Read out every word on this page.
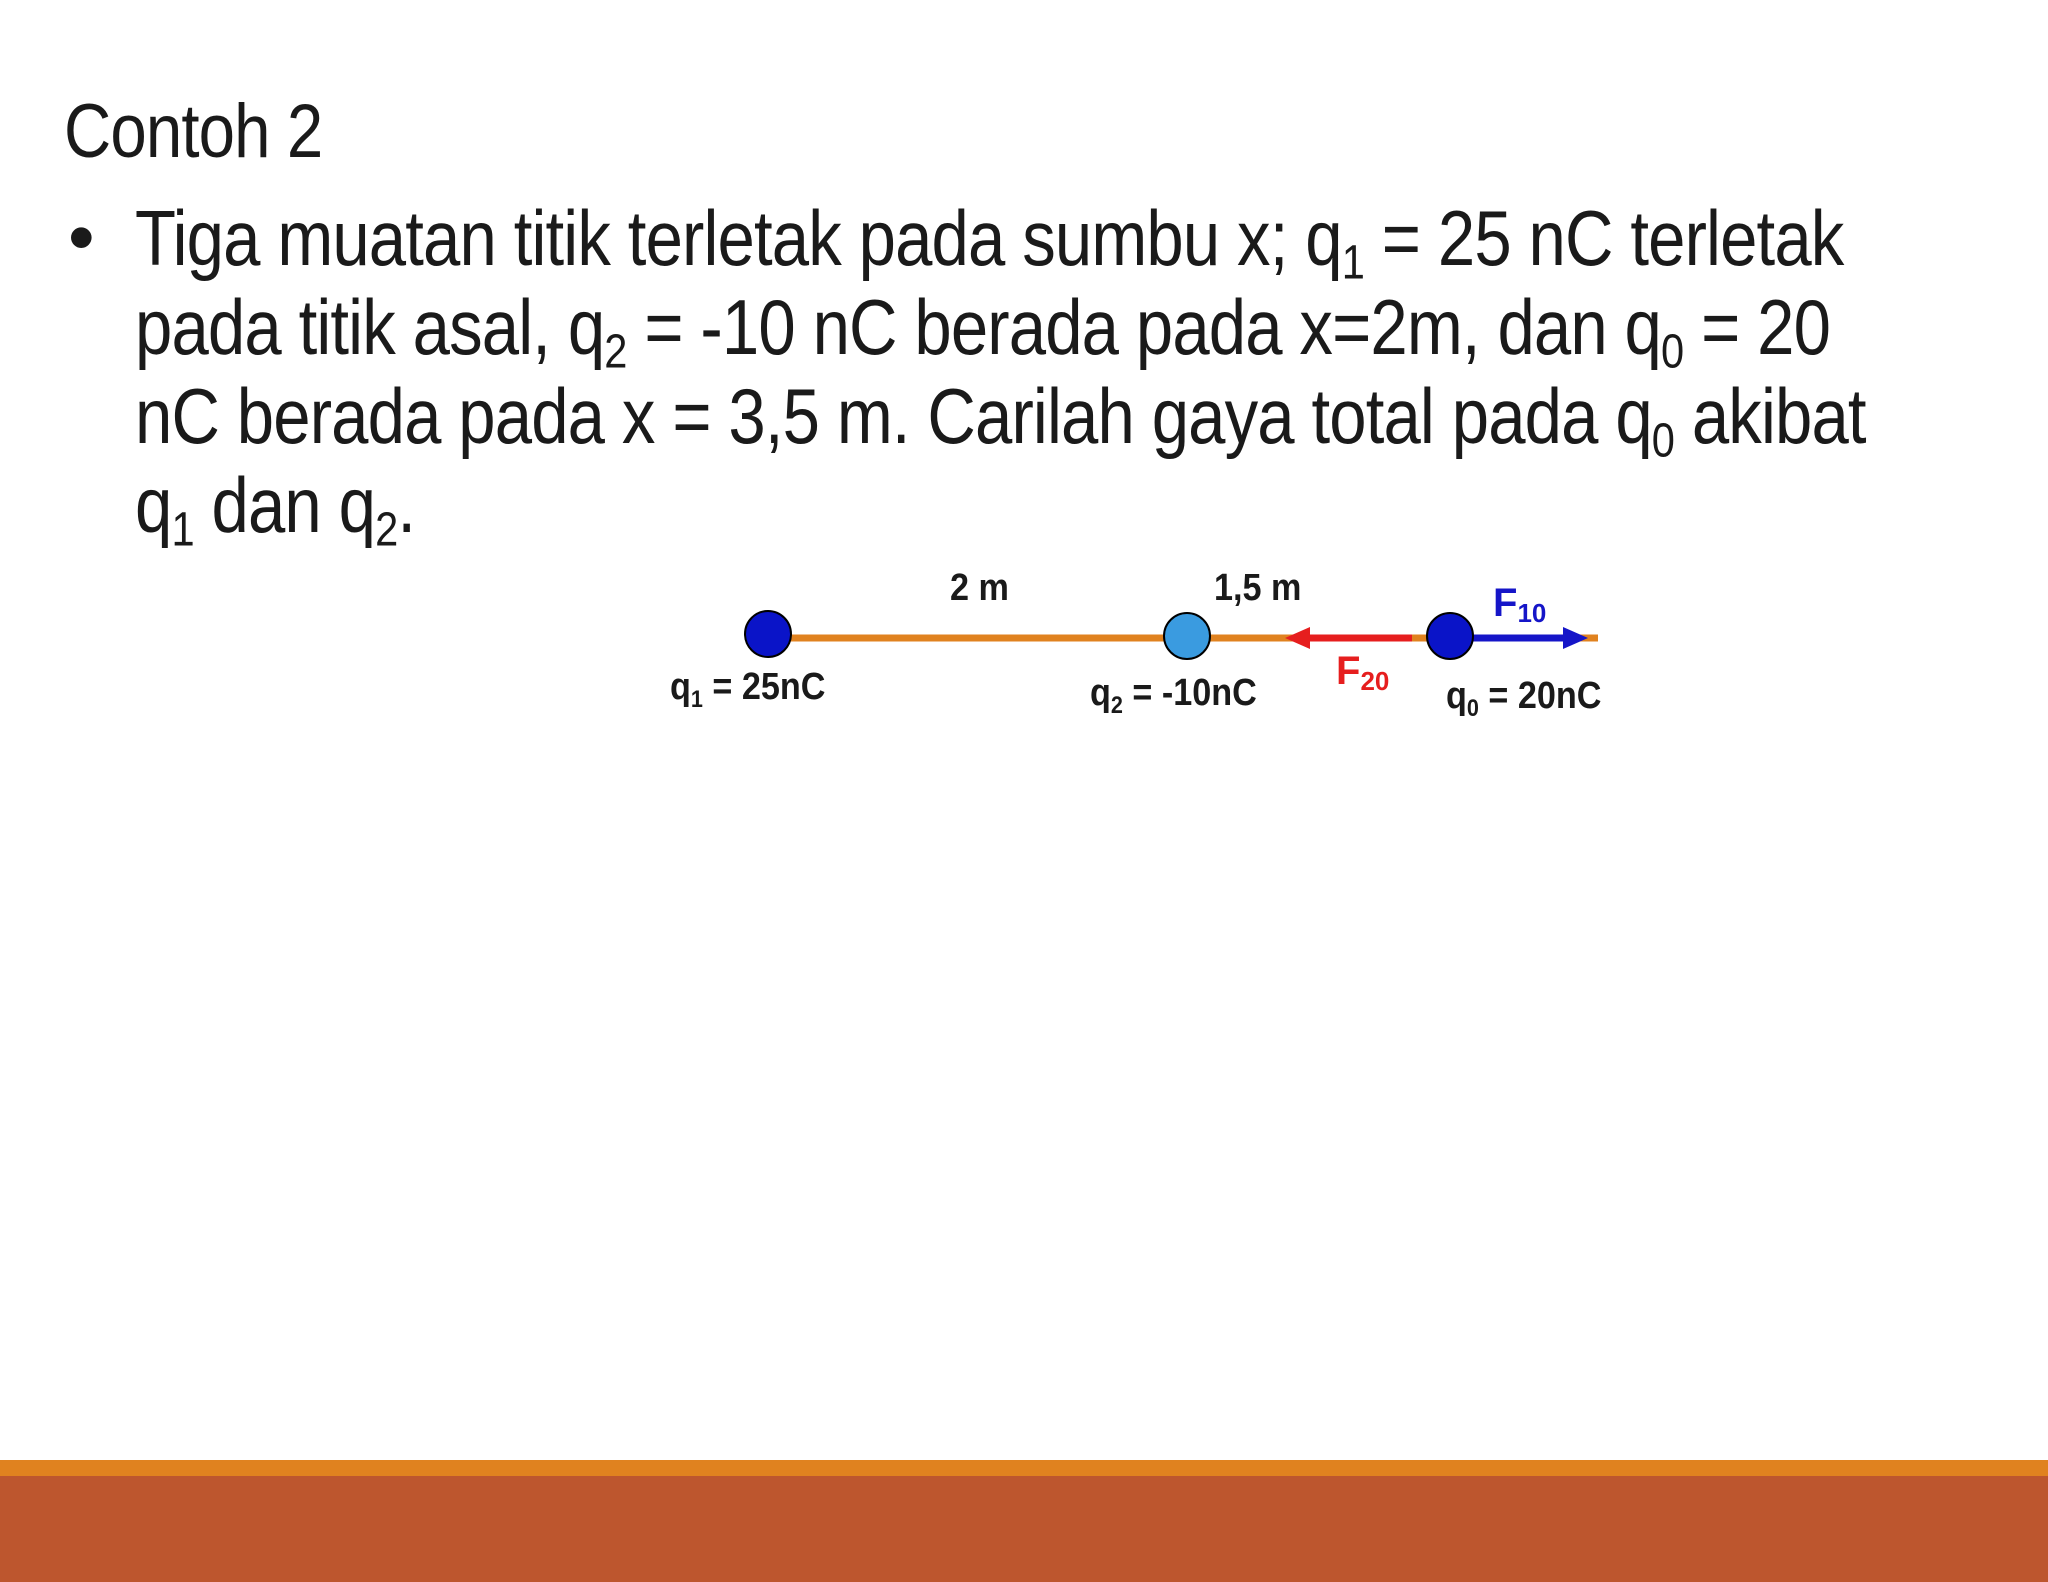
Contoh 2
• Tiga muatan titik terletak pada sumbu x; $q_1 = 25$ nC terletak
pada titik asal, $q_2 = -10$ nC berada pada x=2m, dan $q_0 = 20$
nC berada pada x = 3,5 m. Carilah gaya total pada $q_0$ akibat
$q_1$ dan $q_2$.
2 m	1,5 m	F10
F20
$q_1 = 25nC$	$q_2 = -10nC$	$q_0 = 20nC$
